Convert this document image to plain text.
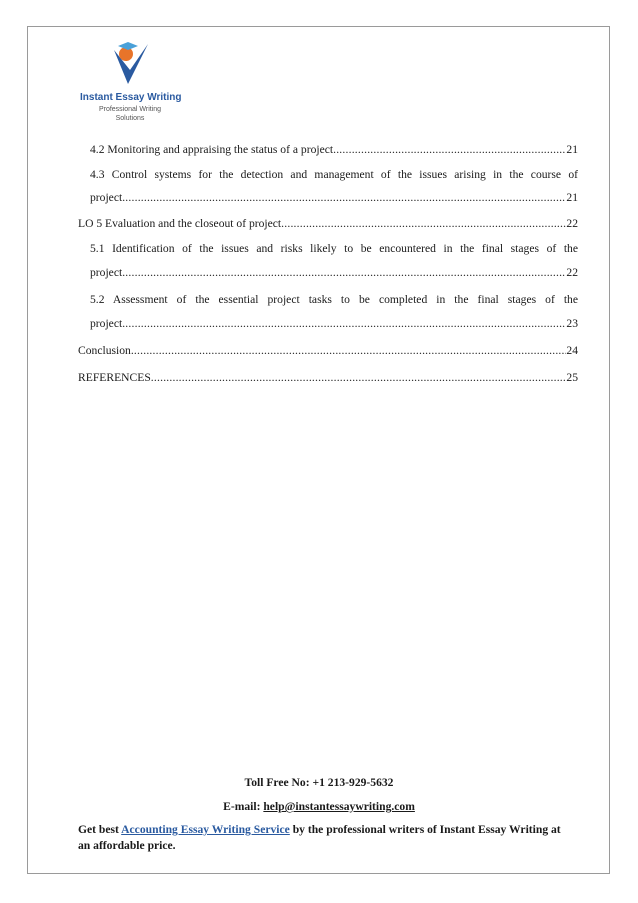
Instant Essay Writing
Professional Writing
Solutions
4.2 Monitoring and appraising the status of a project .....	21
4.3 Control systems for the detection and management of the issues arising in the course of
project .....	21
LO 5 Evaluation and the closeout of project .....	22
5.1 Identification of the issues and risks likely to be encountered in the final stages of the
project .....	22
5.2 Assessment of the essential project tasks to be completed in the final stages of the
project .....	23
Conclusion .....	24
REFERENCES .....	25
Toll Free No: +1 213-929-5632
E-mail: help@instantessaywriting.com
Get best Accounting Essay Writing Service by the professional writers of Instant Essay Writing at an affordable price.
